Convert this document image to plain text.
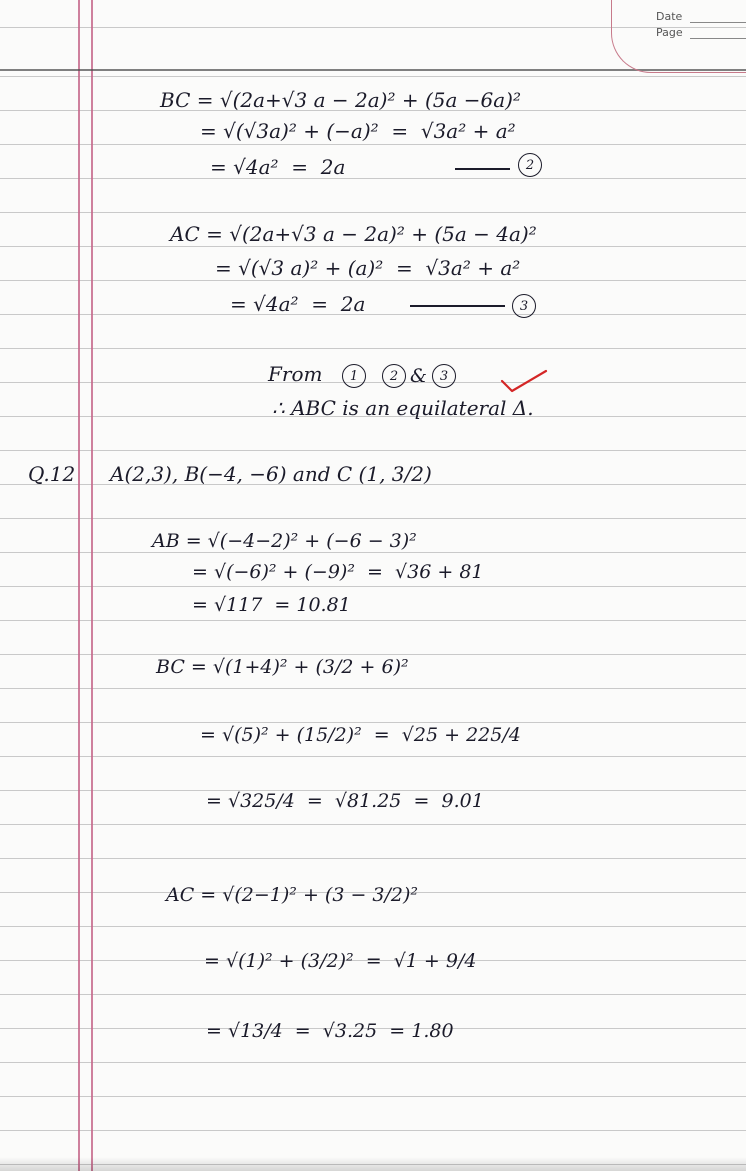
Date
Page
BC = √(2a+√3 a − 2a)² + (5a −6a)²
= √(√3a)² + (−a)²  =  √3a² + a²
= √4a²  =  2a	2
AC = √(2a+√3 a − 2a)² + (5a − 4a)²
= √(√3 a)² + (a)²  =  √3a² + a²
= √4a²  =  2a	3
From	1	2 & 3
∴ ABC is an equilateral Δ.
Q.12 A(2,3), B(−4, −6) and C (1, 3/2)
AB = √(−4−2)² + (−6 − 3)²
= √(−6)² + (−9)²  =  √36 + 81
= √117  = 10.81
BC = √(1+4)² + (3/2 + 6)²
= √(5)² + (15/2)²  =  √25 + 225/4
= √325/4  =  √81.25  =  9.01
AC = √(2−1)² + (3 − 3/2)²
= √(1)² + (3/2)²  =  √1 + 9/4
= √13/4  =  √3.25  = 1.80
